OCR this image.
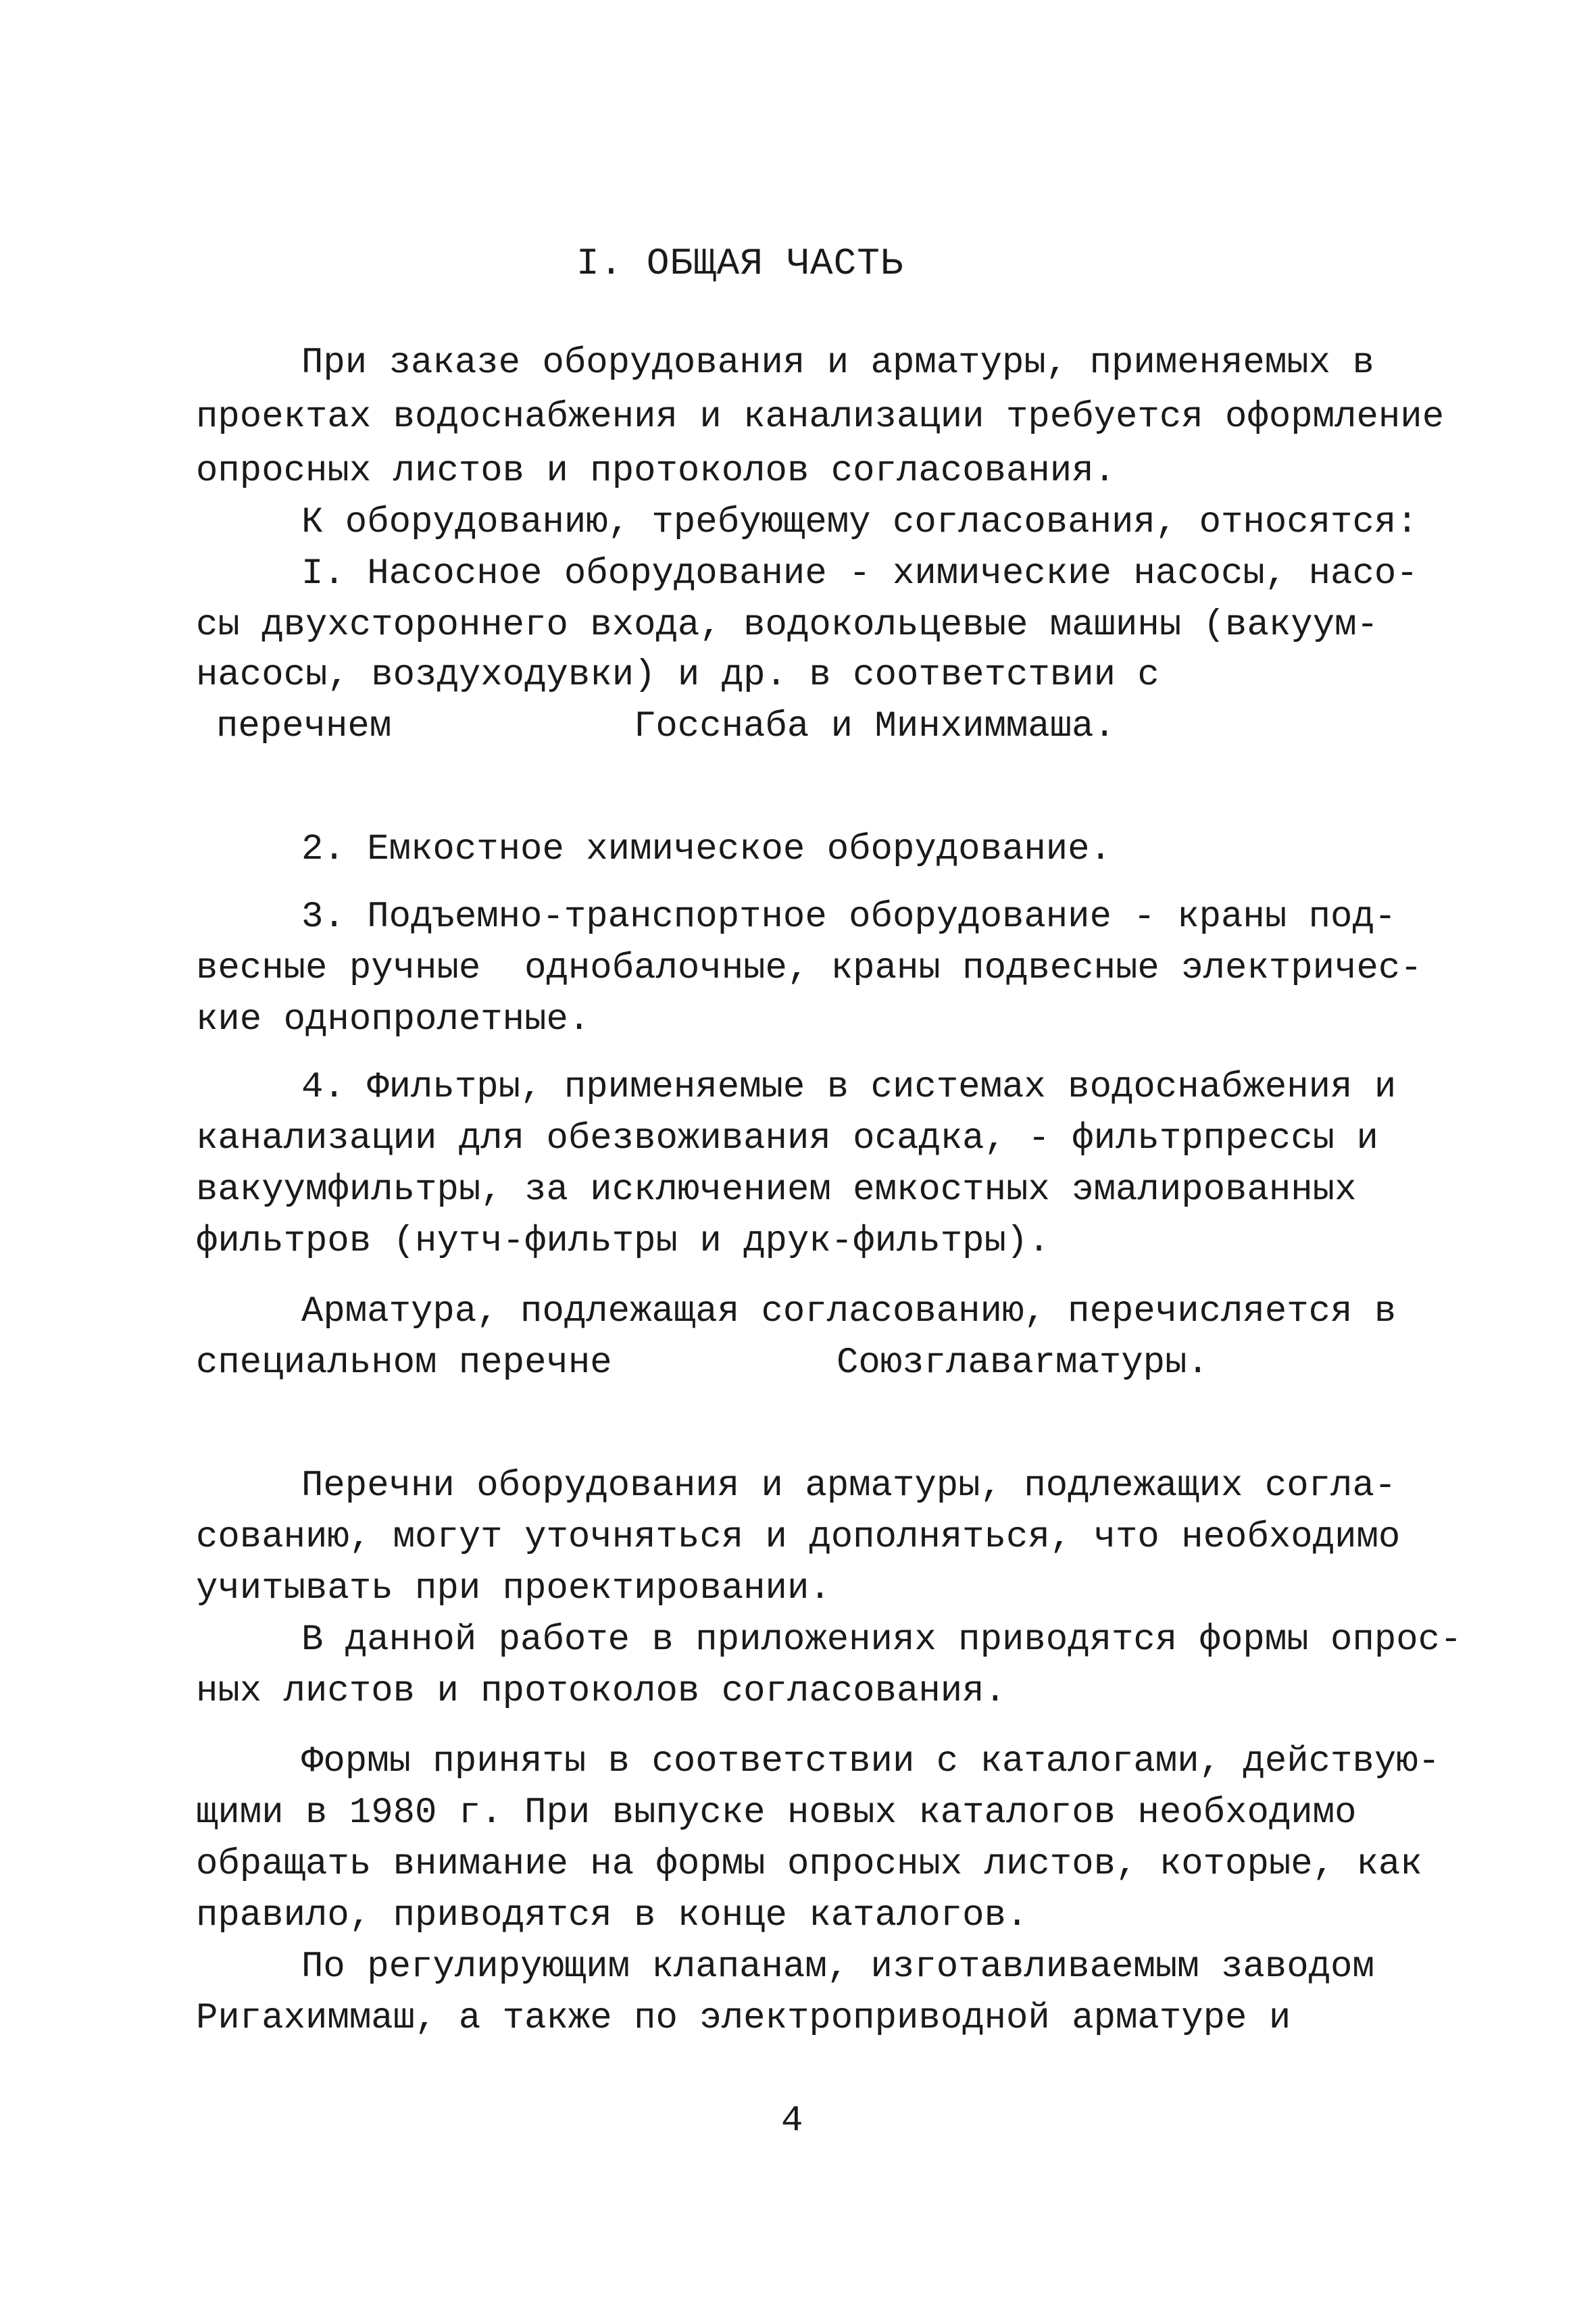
I. ОБЩАЯ ЧАСТЬ
При заказе оборудования и арматуры, применяемых в
проектах водоснабжения и канализации требуется оформление
опросных листов и протоколов согласования.
К оборудованию, требующему согласования, относятся:
I. Насосное оборудование - химические насосы, насо-
сы двухстороннего входа, водокольцевые машины (вакуум-
насосы, воздуходувки) и др. в соответствии с
перечнем	Госснаба и Минхиммаша.
2. Емкостное химическое оборудование.
3. Подъемно-транспортное оборудование - краны под-
весные ручные  однобалочные, краны подвесные электричес-
кие однопролетные.
4. Фильтры, применяемые в системах водоснабжения и
канализации для обезвоживания осадка, - фильтрпрессы и
вакуумфильтры, за исключением емкостных эмалированных
фильтров (нутч-фильтры и друк-фильтры).
Арматура, подлежащая согласованию, перечисляется в
специальном перечне	Союзглавarматуры.
Перечни оборудования и арматуры, подлежащих согла-
сованию, могут уточняться и дополняться, что необходимо
учитывать при проектировании.
В данной работе в приложениях приводятся формы опрос-
ных листов и протоколов согласования.
Формы приняты в соответствии с каталогами, действую-
щими в 1980 г. При выпуске новых каталогов необходимо
обращать внимание на формы опросных листов, которые, как
правило, приводятся в конце каталогов.
По регулирующим клапанам, изготавливаемым заводом
Ригахиммаш, а также по электроприводной арматуре и
4
